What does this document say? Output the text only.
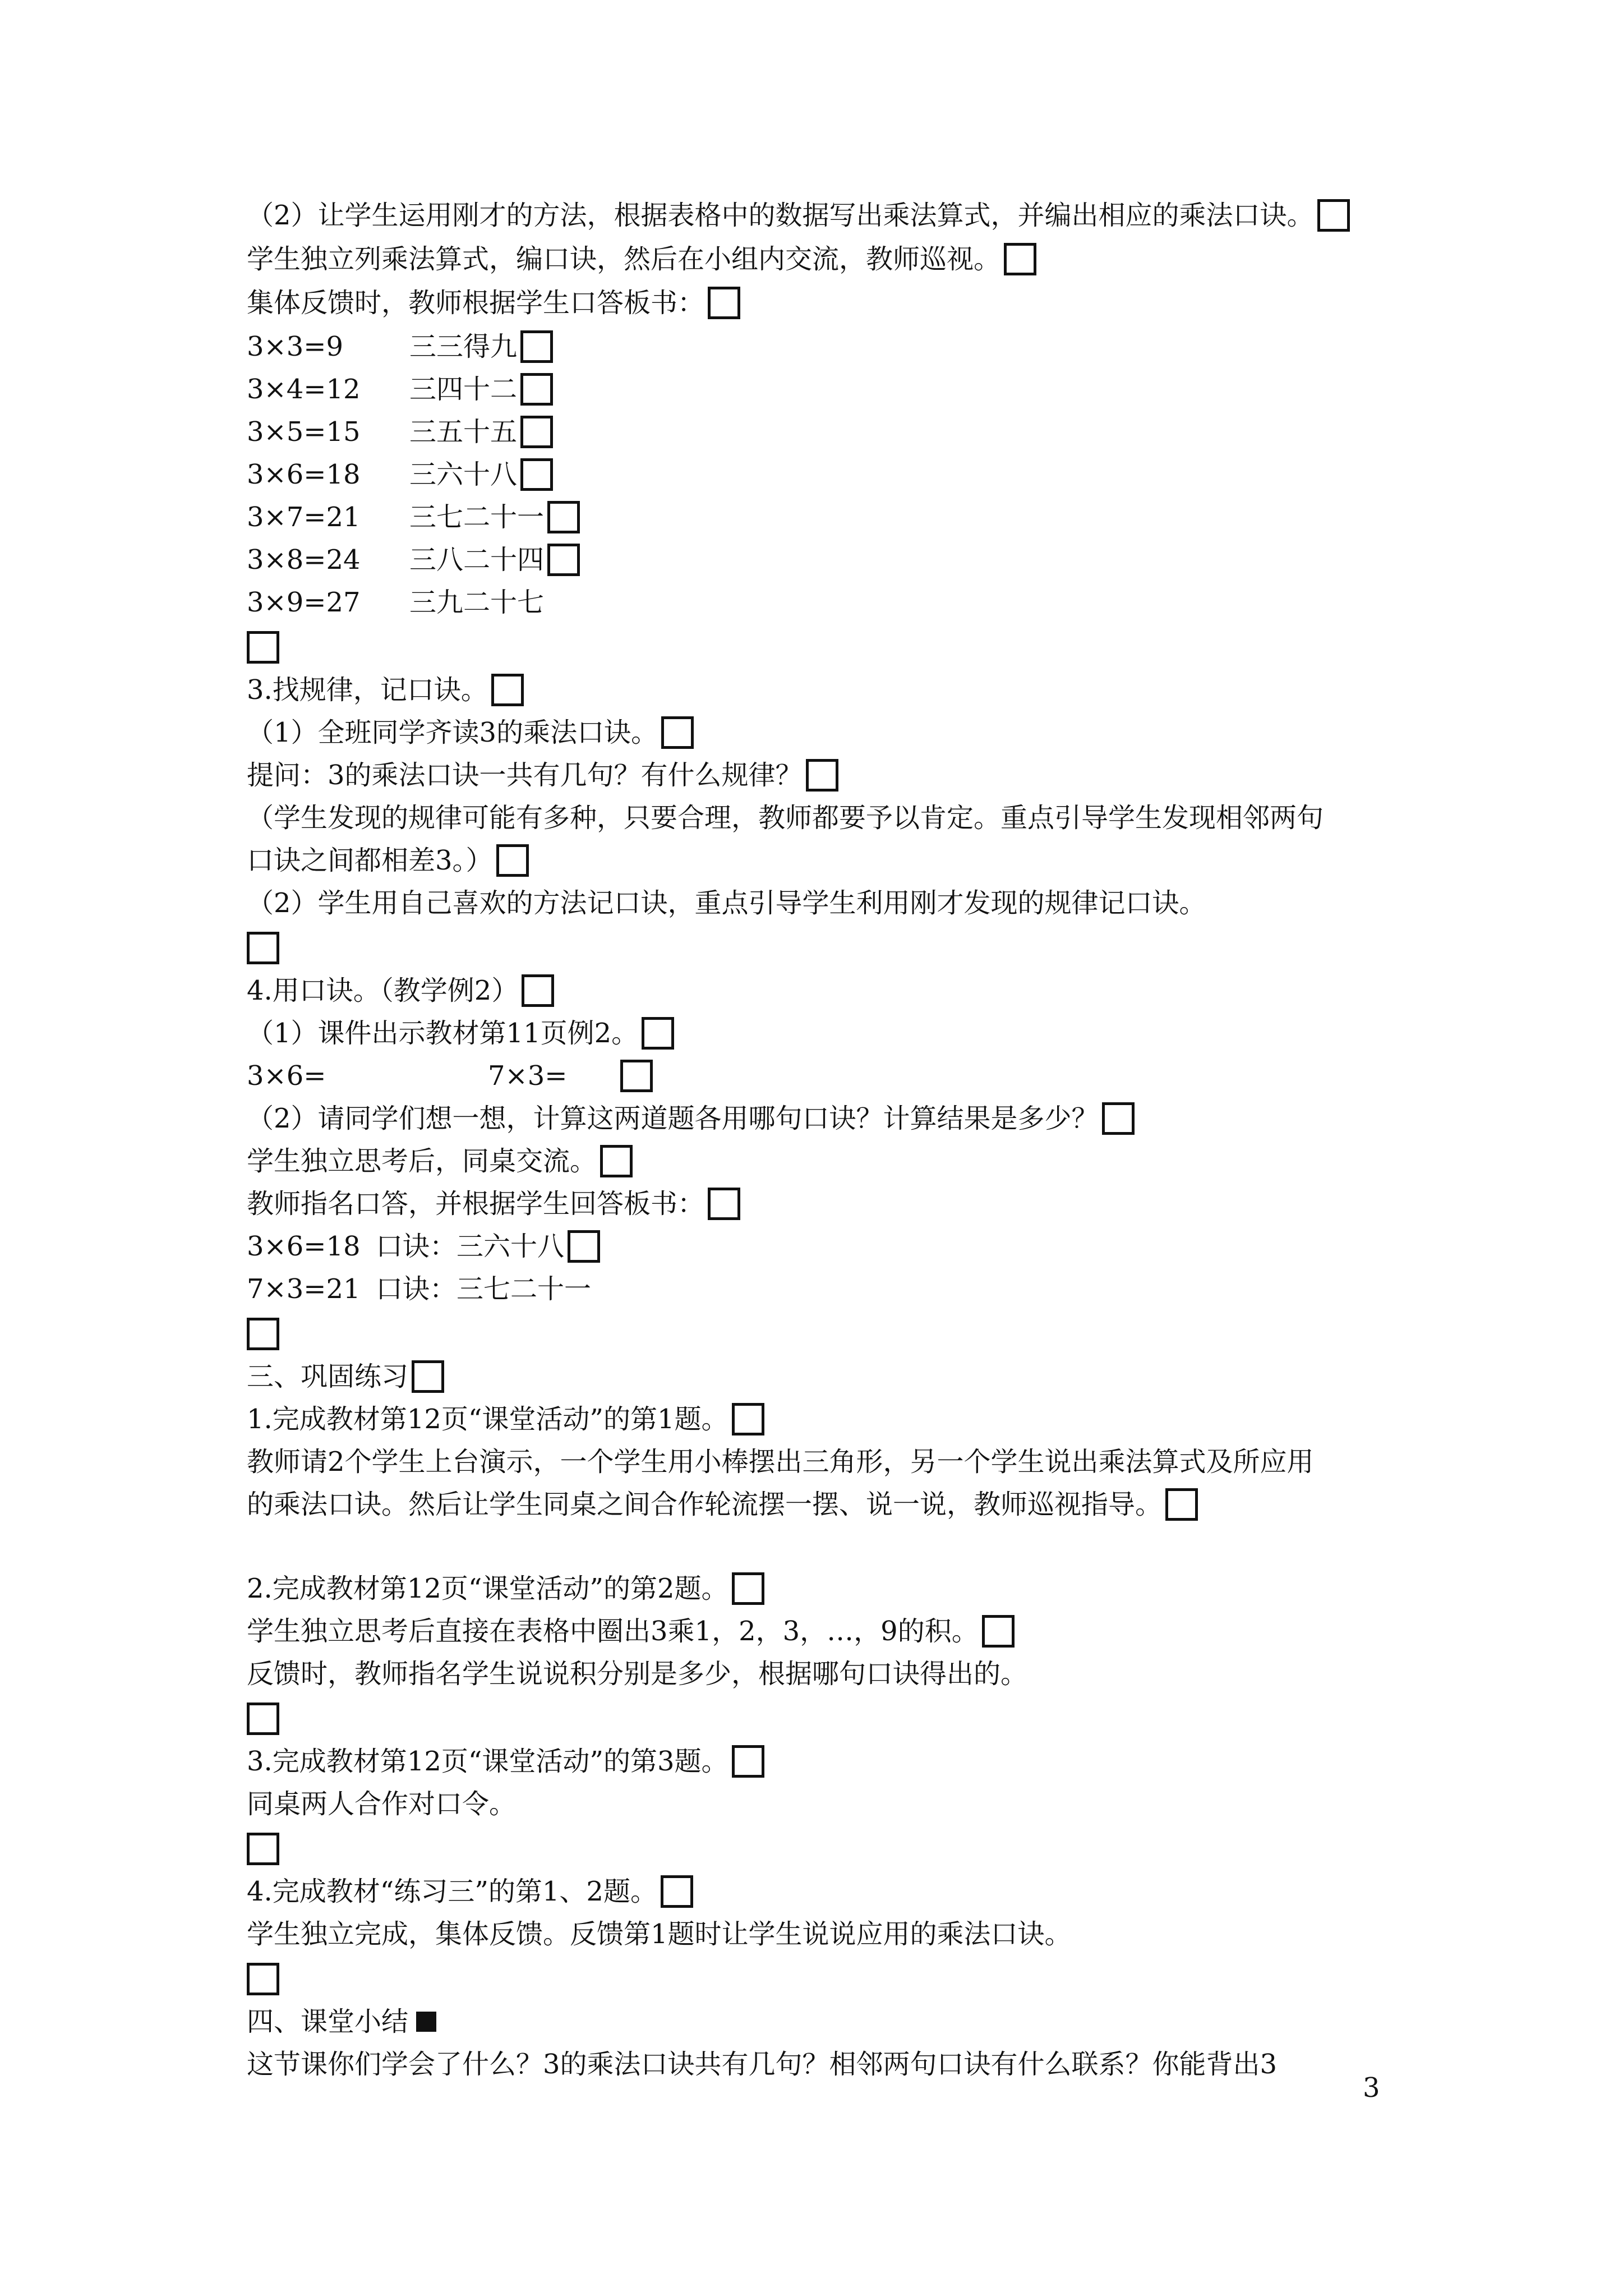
（2）让学生运用刚才的方法，根据表格中的数据写出乘法算式，并编出相应的乘法口诀。
学生独立列乘法算式，编口诀，然后在小组内交流，教师巡视。
集体反馈时，教师根据学生口答板书：
3×3=9 三三得九
3×4=12 三四十二
3×5=15 三五十五
3×6=18 三六十八
3×7=21 三七二十一
3×8=24 三八二十四
3×9=27 三九二十七
3.找规律，记口诀。
（1）全班同学齐读3的乘法口诀。
提问：3的乘法口诀一共有几句？有什么规律？
（学生发现的规律可能有多种，只要合理，教师都要予以肯定。重点引导学生发现相邻两句
口诀之间都相差3。）
（2）学生用自己喜欢的方法记口诀，重点引导学生利用刚才发现的规律记口诀。
4.用口诀。（教学例2）
（1）课件出示教材第11页例2。
3×6=	7×3=
（2）请同学们想一想，计算这两道题各用哪句口诀？计算结果是多少？
学生独立思考后，同桌交流。
教师指名口答，并根据学生回答板书：
3×6=18 口诀：三六十八
7×3=21 口诀：三七二十一
三、巩固练习
1.完成教材第12页“课堂活动”的第1题。
教师请2个学生上台演示，一个学生用小棒摆出三角形，另一个学生说出乘法算式及所应用
的乘法口诀。然后让学生同桌之间合作轮流摆一摆、说一说，教师巡视指导。
2.完成教材第12页“课堂活动”的第2题。
学生独立思考后直接在表格中圈出3乘1，2，3，…，9的积。
反馈时，教师指名学生说说积分别是多少，根据哪句口诀得出的。
3.完成教材第12页“课堂活动”的第3题。
同桌两人合作对口令。
4.完成教材“练习三”的第1、2题。
学生独立完成，集体反馈。反馈第1题时让学生说说应用的乘法口诀。
四、课堂小结
这节课你们学会了什么？3的乘法口诀共有几句？相邻两句口诀有什么联系？你能背出3
3
